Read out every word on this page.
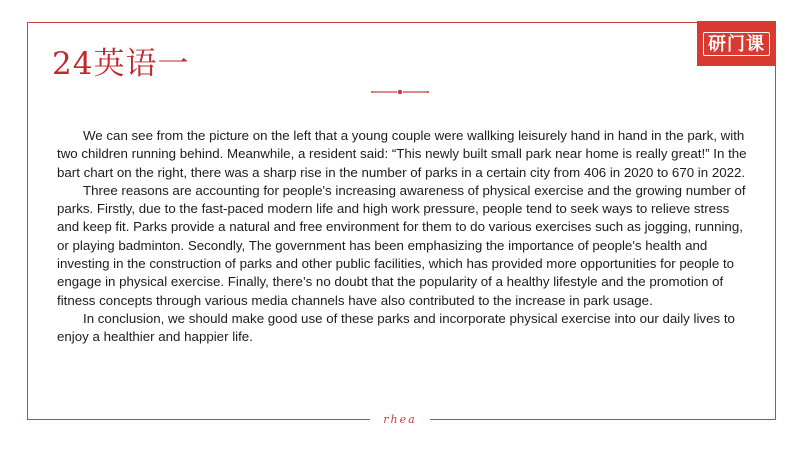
24英语一
研门课

We can see from the picture on the left that a young couple were wallking leisurely hand in hand in the park, with two children running behind. Meanwhile, a resident said: “This newly built small park near home is really great!” In the bart chart on the right, there was a sharp rise in the number of parks in a certain city from 406 in 2020 to 670 in 2022.

Three reasons are accounting for people's increasing awareness of physical exercise and the growing number of parks. Firstly, due to the fast-paced modern life and high work pressure, people tend to seek ways to relieve stress and keep fit. Parks provide a natural and free environment for them to do various exercises such as jogging, running, or playing badminton. Secondly, The government has been emphasizing the importance of people's health and investing in the construction of parks and other public facilities, which has provided more opportunities for people to engage in physical exercise. Finally, there’s no doubt that the popularity of a healthy lifestyle and the promotion of fitness concepts through various media channels have also contributed to the increase in park usage.

In conclusion, we should make good use of these parks and incorporate physical exercise into our daily lives to enjoy a healthier and happier life.

rhea
